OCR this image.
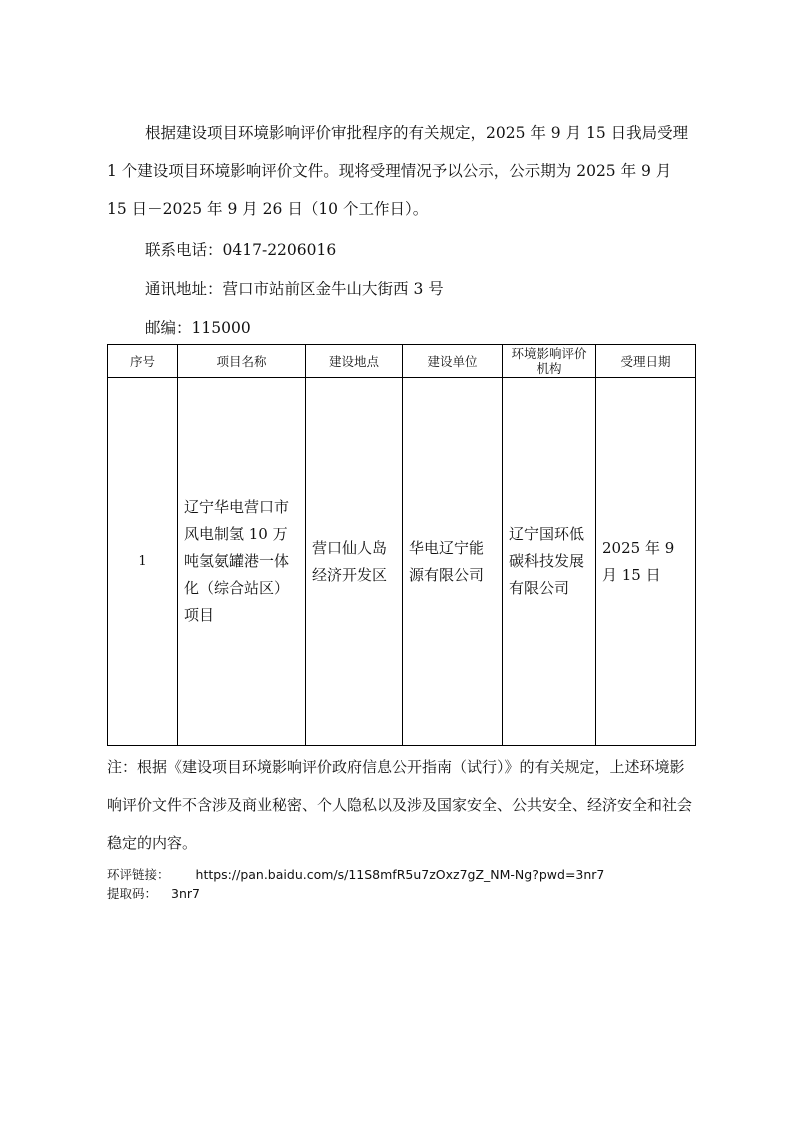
根据建设项目环境影响评价审批程序的有关规定，2025 年 9 月 15 日我局受理 1 个建设项目环境影响评价文件。现将受理情况予以公示，公示期为 2025 年 9 月 15 日－2025 年 9 月 26 日（10 个工作日）。
联系电话：0417-2206016
通讯地址：营口市站前区金牛山大街西 3 号
邮编：115000
序号	项目名称	建设地点	建设单位	环境影响评价机构	受理日期
1	辽宁华电营口市风电制氢 10 万吨氢氨罐港一体化（综合站区）项目	营口仙人岛经济开发区	华电辽宁能源有限公司	辽宁国环低碳科技发展有限公司	2025 年 9 月 15 日
注：根据《建设项目环境影响评价政府信息公开指南（试行）》的有关规定，上述环境影响评价文件不含涉及商业秘密、个人隐私以及涉及国家安全、公共安全、经济安全和社会稳定的内容。
环评链接： https://pan.baidu.com/s/11S8mfR5u7zOxz7gZ_NM-Ng?pwd=3nr7
提取码： 3nr7
